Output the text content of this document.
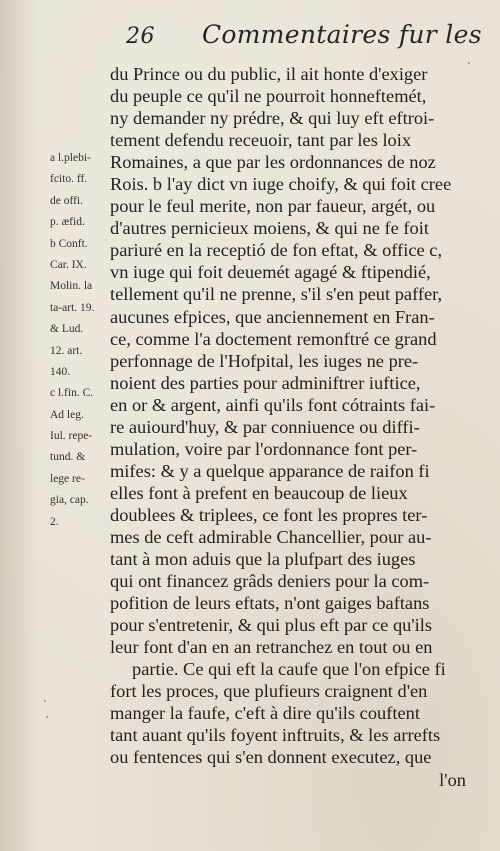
26 Commentaires fur les
a l.plebi-
fcito. ff.
de offi.
p. æfid.
b Conft.
Car. IX.
Molin. la
ta-art. 19.
& Lud.
12. art.
140.
c l.fin. C.
Ad leg.
Iul. repe-
tund. &
lege re-
gia, cap.
2.
du Prince ou du public, il ait honte d'exiger
du peuple ce qu'il ne pourroit honneftemét,
ny demander ny prédre, & qui luy eft eftroi-
tement defendu receuoir, tant par les loix
Romaines, a que par les ordonnances de noz
Rois. b l'ay dict vn iuge choify, & qui foit cree
pour le feul merite, non par faueur, argét, ou
d'autres pernicieux moiens, & qui ne fe foit
pariuré en la receptió de fon eftat, & office c,
vn iuge qui foit deuemét agagé & ftipendié,
tellement qu'il ne prenne, s'il s'en peut paffer,
aucunes efpices, que anciennement en Fran-
ce, comme l'a doctement remonftré ce grand
perfonnage de l'Hofpital, les iuges ne pre-
noient des parties pour adminiftrer iuftice,
en or & argent, ainfi qu'ils font cótraints fai-
re auiourd'huy, & par conniuence ou diffi-
mulation, voire par l'ordonnance font per-
mifes: & y a quelque apparance de raifon fi
elles font à prefent en beaucoup de lieux
doublees & triplees, ce font les propres ter-
mes de ceft admirable Chancellier, pour au-
tant à mon aduis que la plufpart des iuges
qui ont financez grâds deniers pour la com-
pofition de leurs eftats, n'ont gaiges baftans
pour s'entretenir, & qui plus eft par ce qu'ils
leur font d'an en an retranchez en tout ou en
partie. Ce qui eft la caufe que l'on efpice fi
fort les proces, que plufieurs craignent d'en
manger la faufe, c'eft à dire qu'ils couftent
tant auant qu'ils foyent inftruits, & les arrefts
ou fentences qui s'en donnent executez, que
l'on
